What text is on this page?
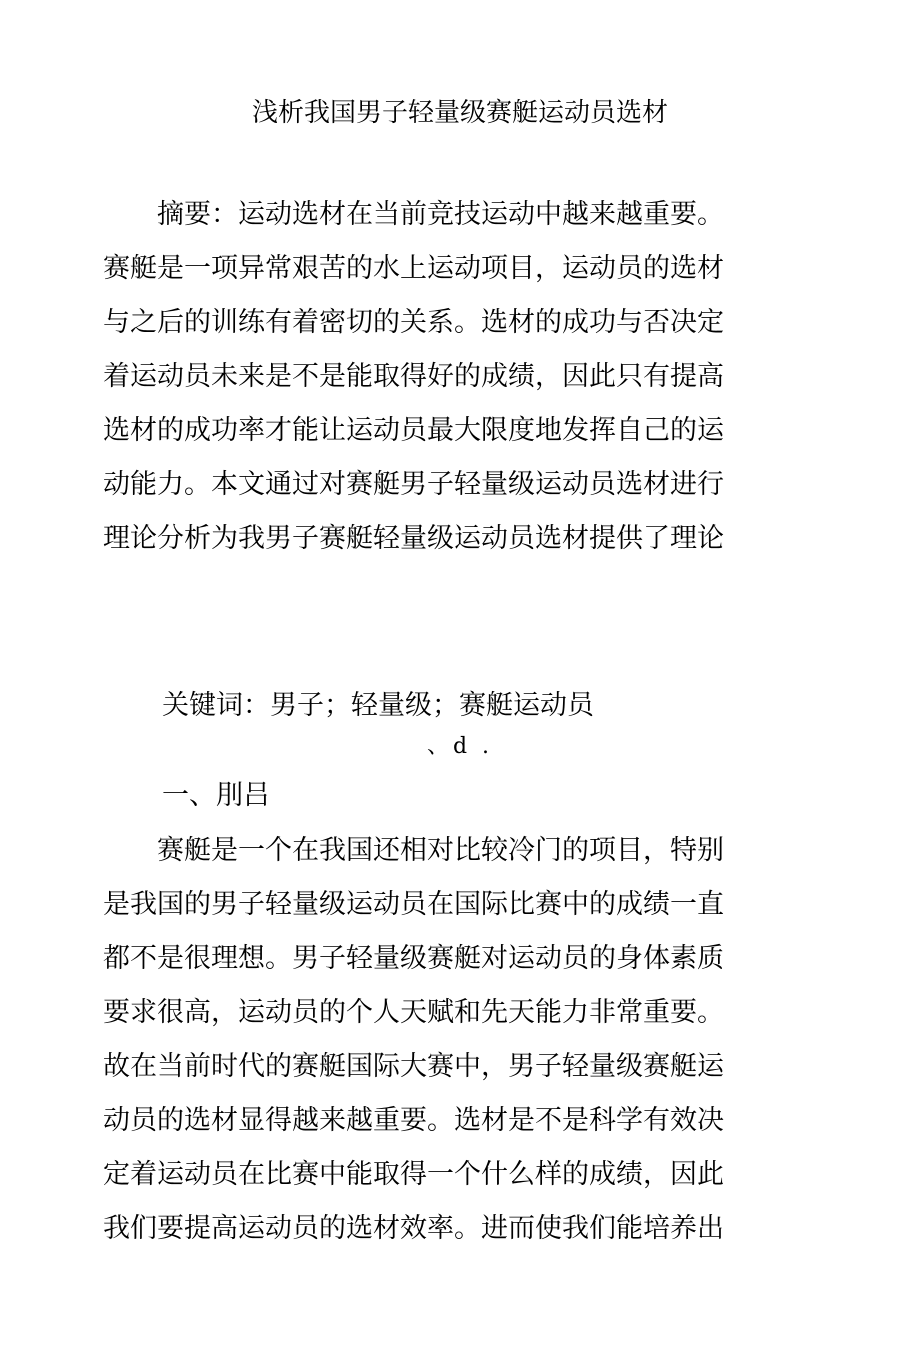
浅析我国男子轻量级赛艇运动员选材
　　摘要：运动选材在当前竞技运动中越来越重要。
赛艇是一项异常艰苦的水上运动项目，运动员的选材
与之后的训练有着密切的关系。选材的成功与否决定
着运动员未来是不是能取得好的成绩，因此只有提高
选材的成功率才能让运动员最大限度地发挥自己的运
动能力。本文通过对赛艇男子轻量级运动员选材进行
理论分析为我男子赛艇轻量级运动员选材提供了理论
关键词：男子；轻量级；赛艇运动员
、d .
一、刖吕
　　赛艇是一个在我国还相对比较冷门的项目，特别
是我国的男子轻量级运动员在国际比赛中的成绩一直
都不是很理想。男子轻量级赛艇对运动员的身体素质
要求很高，运动员的个人天赋和先天能力非常重要。
故在当前时代的赛艇国际大赛中，男子轻量级赛艇运
动员的选材显得越来越重要。选材是不是科学有效决
定着运动员在比赛中能取得一个什么样的成绩，因此
我们要提高运动员的选材效率。进而使我们能培养出
